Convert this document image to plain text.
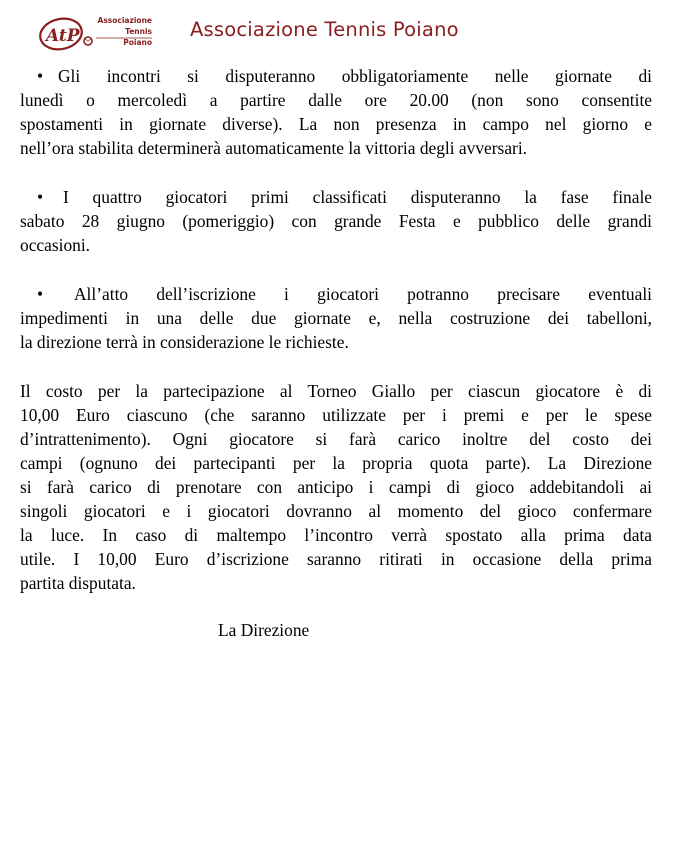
AtP
Associazione
Tennis
Poiano
Associazione Tennis Poiano
• Gli incontri si disputeranno obbligatoriamente nelle giornate di
lunedì o mercoledì a partire dalle ore 20.00 (non sono consentite
spostamenti in giornate diverse). La non presenza in campo nel giorno e
nell’ora stabilita determinerà automaticamente la vittoria degli avversari.
• I quattro giocatori primi classificati disputeranno la fase finale
sabato 28 giugno (pomeriggio) con grande Festa e pubblico delle grandi
occasioni.
• All’atto dell’iscrizione i giocatori potranno precisare eventuali
impedimenti in una delle due giornate e, nella costruzione dei tabelloni,
la direzione terrà in considerazione le richieste.
Il costo per la partecipazione al Torneo Giallo per ciascun giocatore è di
10,00 Euro ciascuno (che saranno utilizzate per i premi e per le spese
d’intrattenimento). Ogni giocatore si farà carico inoltre del costo dei
campi (ognuno dei partecipanti per la propria quota parte). La Direzione
si farà carico di prenotare con anticipo i campi di gioco addebitandoli ai
singoli giocatori e i giocatori dovranno al momento del gioco confermare
la luce. In caso di maltempo l’incontro verrà spostato alla prima data
utile. I 10,00 Euro d’iscrizione saranno ritirati in occasione della prima
partita disputata.
La Direzione
